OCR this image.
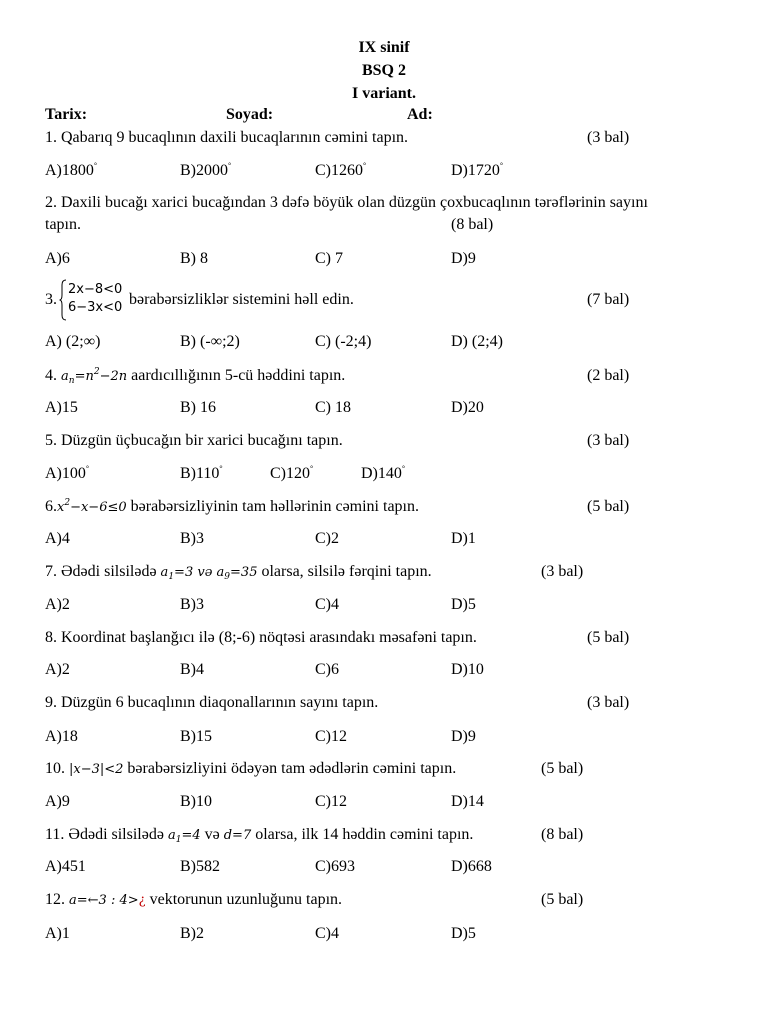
IX sinif
BSQ 2
I variant.
Tarix:	Soyad:	Ad:
1. Qabarıq 9 bucaqlının daxili bucaqlarının cəmini tapın.	(3 bal)
A)1800°	B)2000°	C)1260°	D)1720°
2. Daxili bucağı xarici bucağından 3 dəfə böyük olan düzgün çoxbucaqlının tərəflərinin sayını
tapın.	(8 bal)
A)6	B) 8	C) 7	D)9
3.
2x−8<0
6−3x<0 bərabərsizliklər sistemini həll edin.	(7 bal)
A) (2;∞)	B) (-∞;2)	C) (-2;4)	D) (2;4)
4. $a_n=n^2-2n$ aardıcıllığının 5-cü həddini tapın.	(2 bal)
A)15	B) 16	C) 18	D)20
5. Düzgün üçbucağın bir xarici bucağını tapın.	(3 bal)
A)100°	B)110°	C)120°	D)140°
$6.x^2-x-6\le 0$ bərabərsizliyinin tam həllərinin cəmini tapın.	(5 bal)
A)4	B)3	C)2	D)1
7. Ədədi silsilədə $a_1=3$ və $a_9=35$ olarsa, silsilə fərqini tapın.	(3 bal)
A)2	B)3	C)4	D)5
8. Koordinat başlanğıcı ilə (8;-6) nöqtəsi arasındakı məsafəni tapın.	(5 bal)
A)2	B)4	C)6	D)10
9. Düzgün 6 bucaqlının diaqonallarının sayını tapın.	(3 bal)
A)18	B)15	C)12	D)9
10. |x−3|<2 bərabərsizliyini ödəyən tam ədədlərin cəmini tapın.	(5 bal)
A)9	B)10	C)12	D)14
11. Ədədi silsilədə $a_1=4$ və d=7 olarsa, ilk 14 həddin cəmini tapın.	(8 bal)
A)451	B)582	C)693	D)668
12. a=←3 : 4>¿ vektorunun uzunluğunu tapın.	(5 bal)
A)1	B)2	C)4	D)5
